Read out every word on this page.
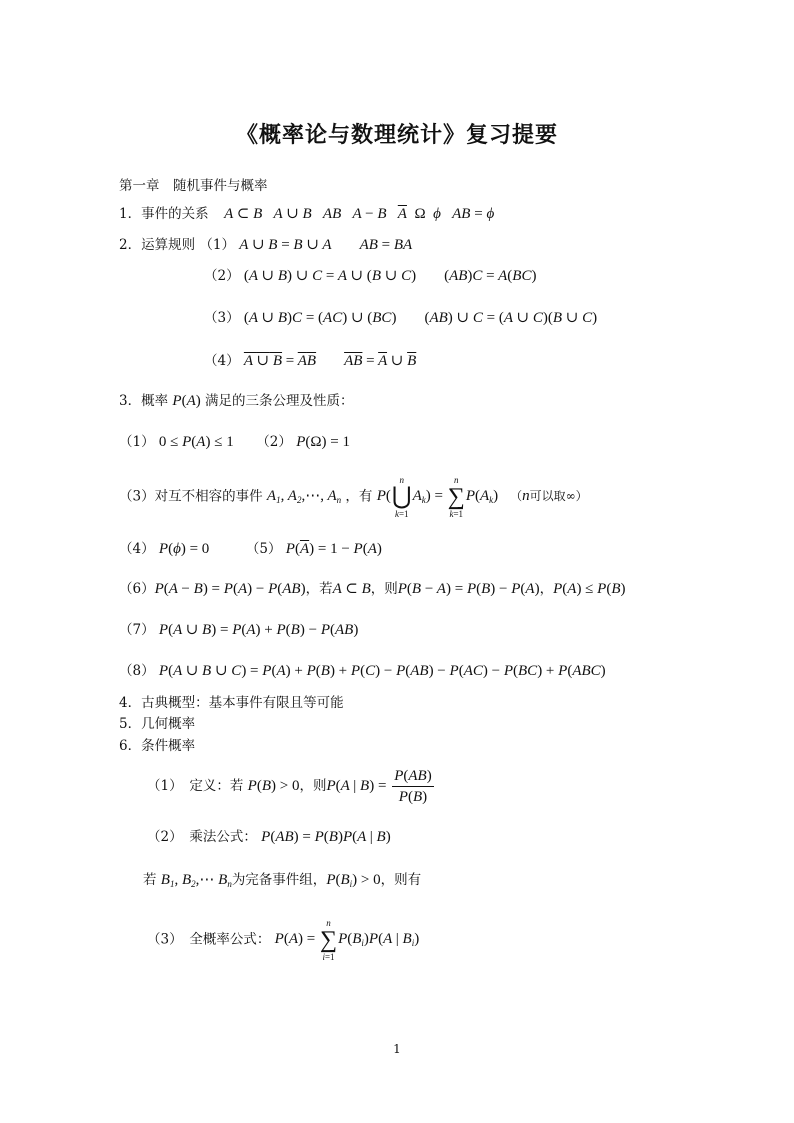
《概率论与数理统计》复习提要
第一章　随机事件与概率
1．事件的关系    A ⊂ B   A ∪ B   AB   A − B   $\overline{A}$ Ω  ϕ   AB = ϕ
2．运算规则 （1） A ∪ B = B ∪ A AB = BA
（2） (A ∪ B) ∪ C = A ∪ (B ∪ C) (AB)C = A(BC)
（3） (A ∪ B)C = (AC) ∪ (BC) (AB) ∪ C = (A ∪ C)(B ∪ C)
（4） A ∪ $B = \overline{A}\overline{B}$ $\overline{AB} = \overline{A}$ ∪ $\overline{B}$
3．概率 P(A) 满足的三条公理及性质：
（1） 0 ≤ P(A) ≤ 1 （2） P(Ω) = 1
（3）对互不相容的事件 $A_1$, $A_2,\cdots$, $A_n$ ，有 P(
n
⋃
k=1
$A_k$) =
n
∑
k=1
$P(A_k)$ （n可以取∞）
（4） P(ϕ) = 0	（5） $P(\overline{A}) = 1 - P(A)$
（6）P(A − B) = P(A) − P(AB)，若A ⊂ B，则P(B − A) = P(B) − P(A)，P(A) ≤ P(B)
（7） P(A ∪ B) = P(A) + P(B) − P(AB)
（8） P(A ∪ B ∪ C) = P(A) + P(B) + P(C) − P(AB) − P(AC) − P(BC) + P(ABC)
4．古典概型：基本事件有限且等可能
5．几何概率
6．条件概率
（1）　定义：若 P(B) > 0，则P(A | $B) = \frac{P(AB)}{P(B)}$
（2）　乘法公式： P(AB) = P(B)P(A | B)
若 $B_1$, $B_2,\cdots$ $B_n$为完备事件组，$P(B_i) > 0$，则有
（3）　全概率公式： P(A) =
n
∑
i=1
$P(B_i)P(A$ | $B_i$)
1
